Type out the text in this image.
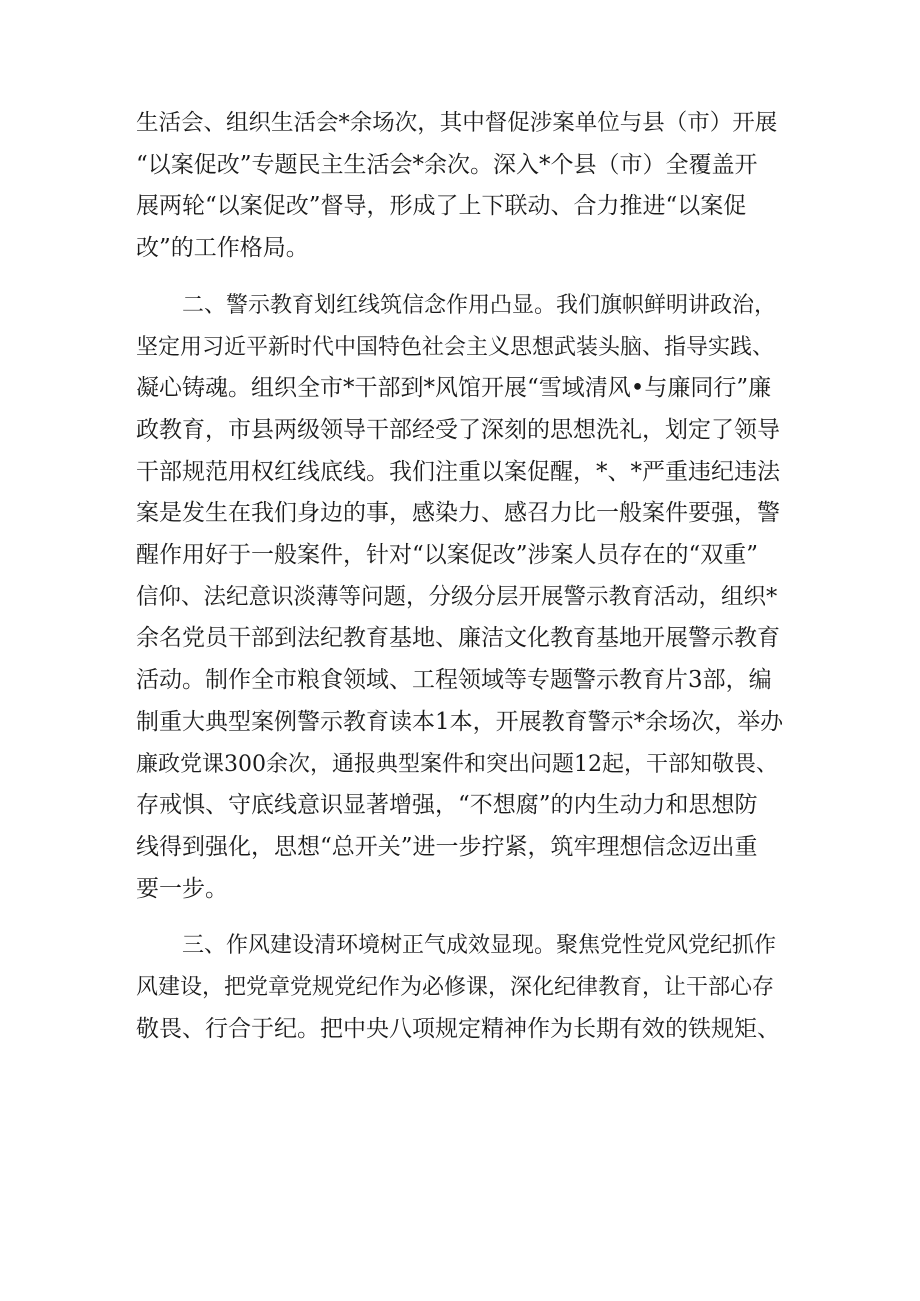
生活会、组织生活会*余场次，其中督促涉案单位与县（市）开展
“以案促改”专题民主生活会*余次。深入*个县（市）全覆盖开
展两轮“以案促改”督导，形成了上下联动、合力推进“以案促
改”的工作格局。
二、警示教育划红线筑信念作用凸显。我们旗帜鲜明讲政治，
坚定用习近平新时代中国特色社会主义思想武装头脑、指导实践、
凝心铸魂。组织全市*干部到*风馆开展“雪域清风•与廉同行”廉
政教育，市县两级领导干部经受了深刻的思想洗礼，划定了领导
干部规范用权红线底线。我们注重以案促醒，*、*严重违纪违法
案是发生在我们身边的事，感染力、感召力比一般案件要强，警
醒作用好于一般案件，针对“以案促改”涉案人员存在的“双重”
信仰、法纪意识淡薄等问题，分级分层开展警示教育活动，组织*
余名党员干部到法纪教育基地、廉洁文化教育基地开展警示教育
活动。制作全市粮食领域、工程领域等专题警示教育片3部，编
制重大典型案例警示教育读本1本，开展教育警示*余场次，举办
廉政党课300余次，通报典型案件和突出问题12起，干部知敬畏、
存戒惧、守底线意识显著增强，“不想腐”的内生动力和思想防
线得到强化，思想“总开关”进一步拧紧，筑牢理想信念迈出重
要一步。
三、作风建设清环境树正气成效显现。聚焦党性党风党纪抓作
风建设，把党章党规党纪作为必修课，深化纪律教育，让干部心存
敬畏、行合于纪。把中央八项规定精神作为长期有效的铁规矩、
